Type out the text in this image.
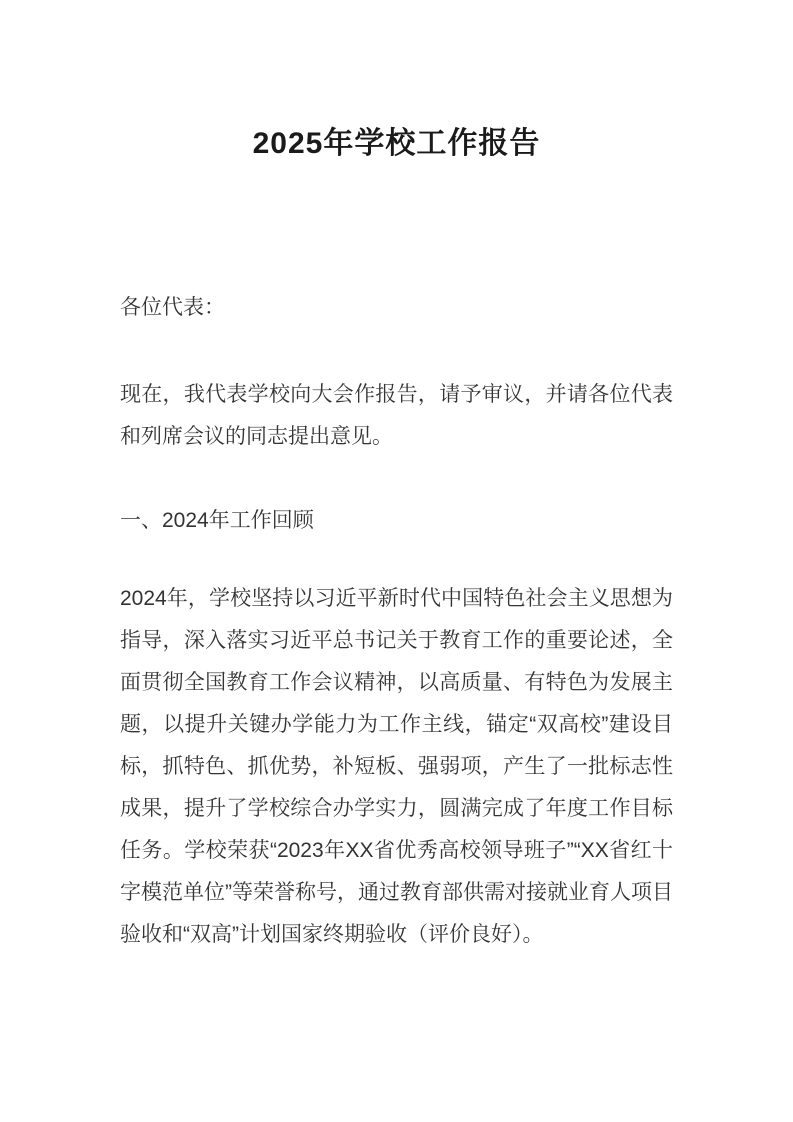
2025年学校工作报告

各位代表：

现在，我代表学校向大会作报告，请予审议，并请各位代表和列席会议的同志提出意见。

一、2024年工作回顾

2024年，学校坚持以习近平新时代中国特色社会主义思想为指导，深入落实习近平总书记关于教育工作的重要论述，全面贯彻全国教育工作会议精神，以高质量、有特色为发展主题，以提升关键办学能力为工作主线，锚定“双高校”建设目标，抓特色、抓优势，补短板、强弱项，产生了一批标志性成果，提升了学校综合办学实力，圆满完成了年度工作目标任务。学校荣获“2023年XX省优秀高校领导班子”“XX省红十字模范单位”等荣誉称号，通过教育部供需对接就业育人项目验收和“双高”计划国家终期验收（评价良好）。
